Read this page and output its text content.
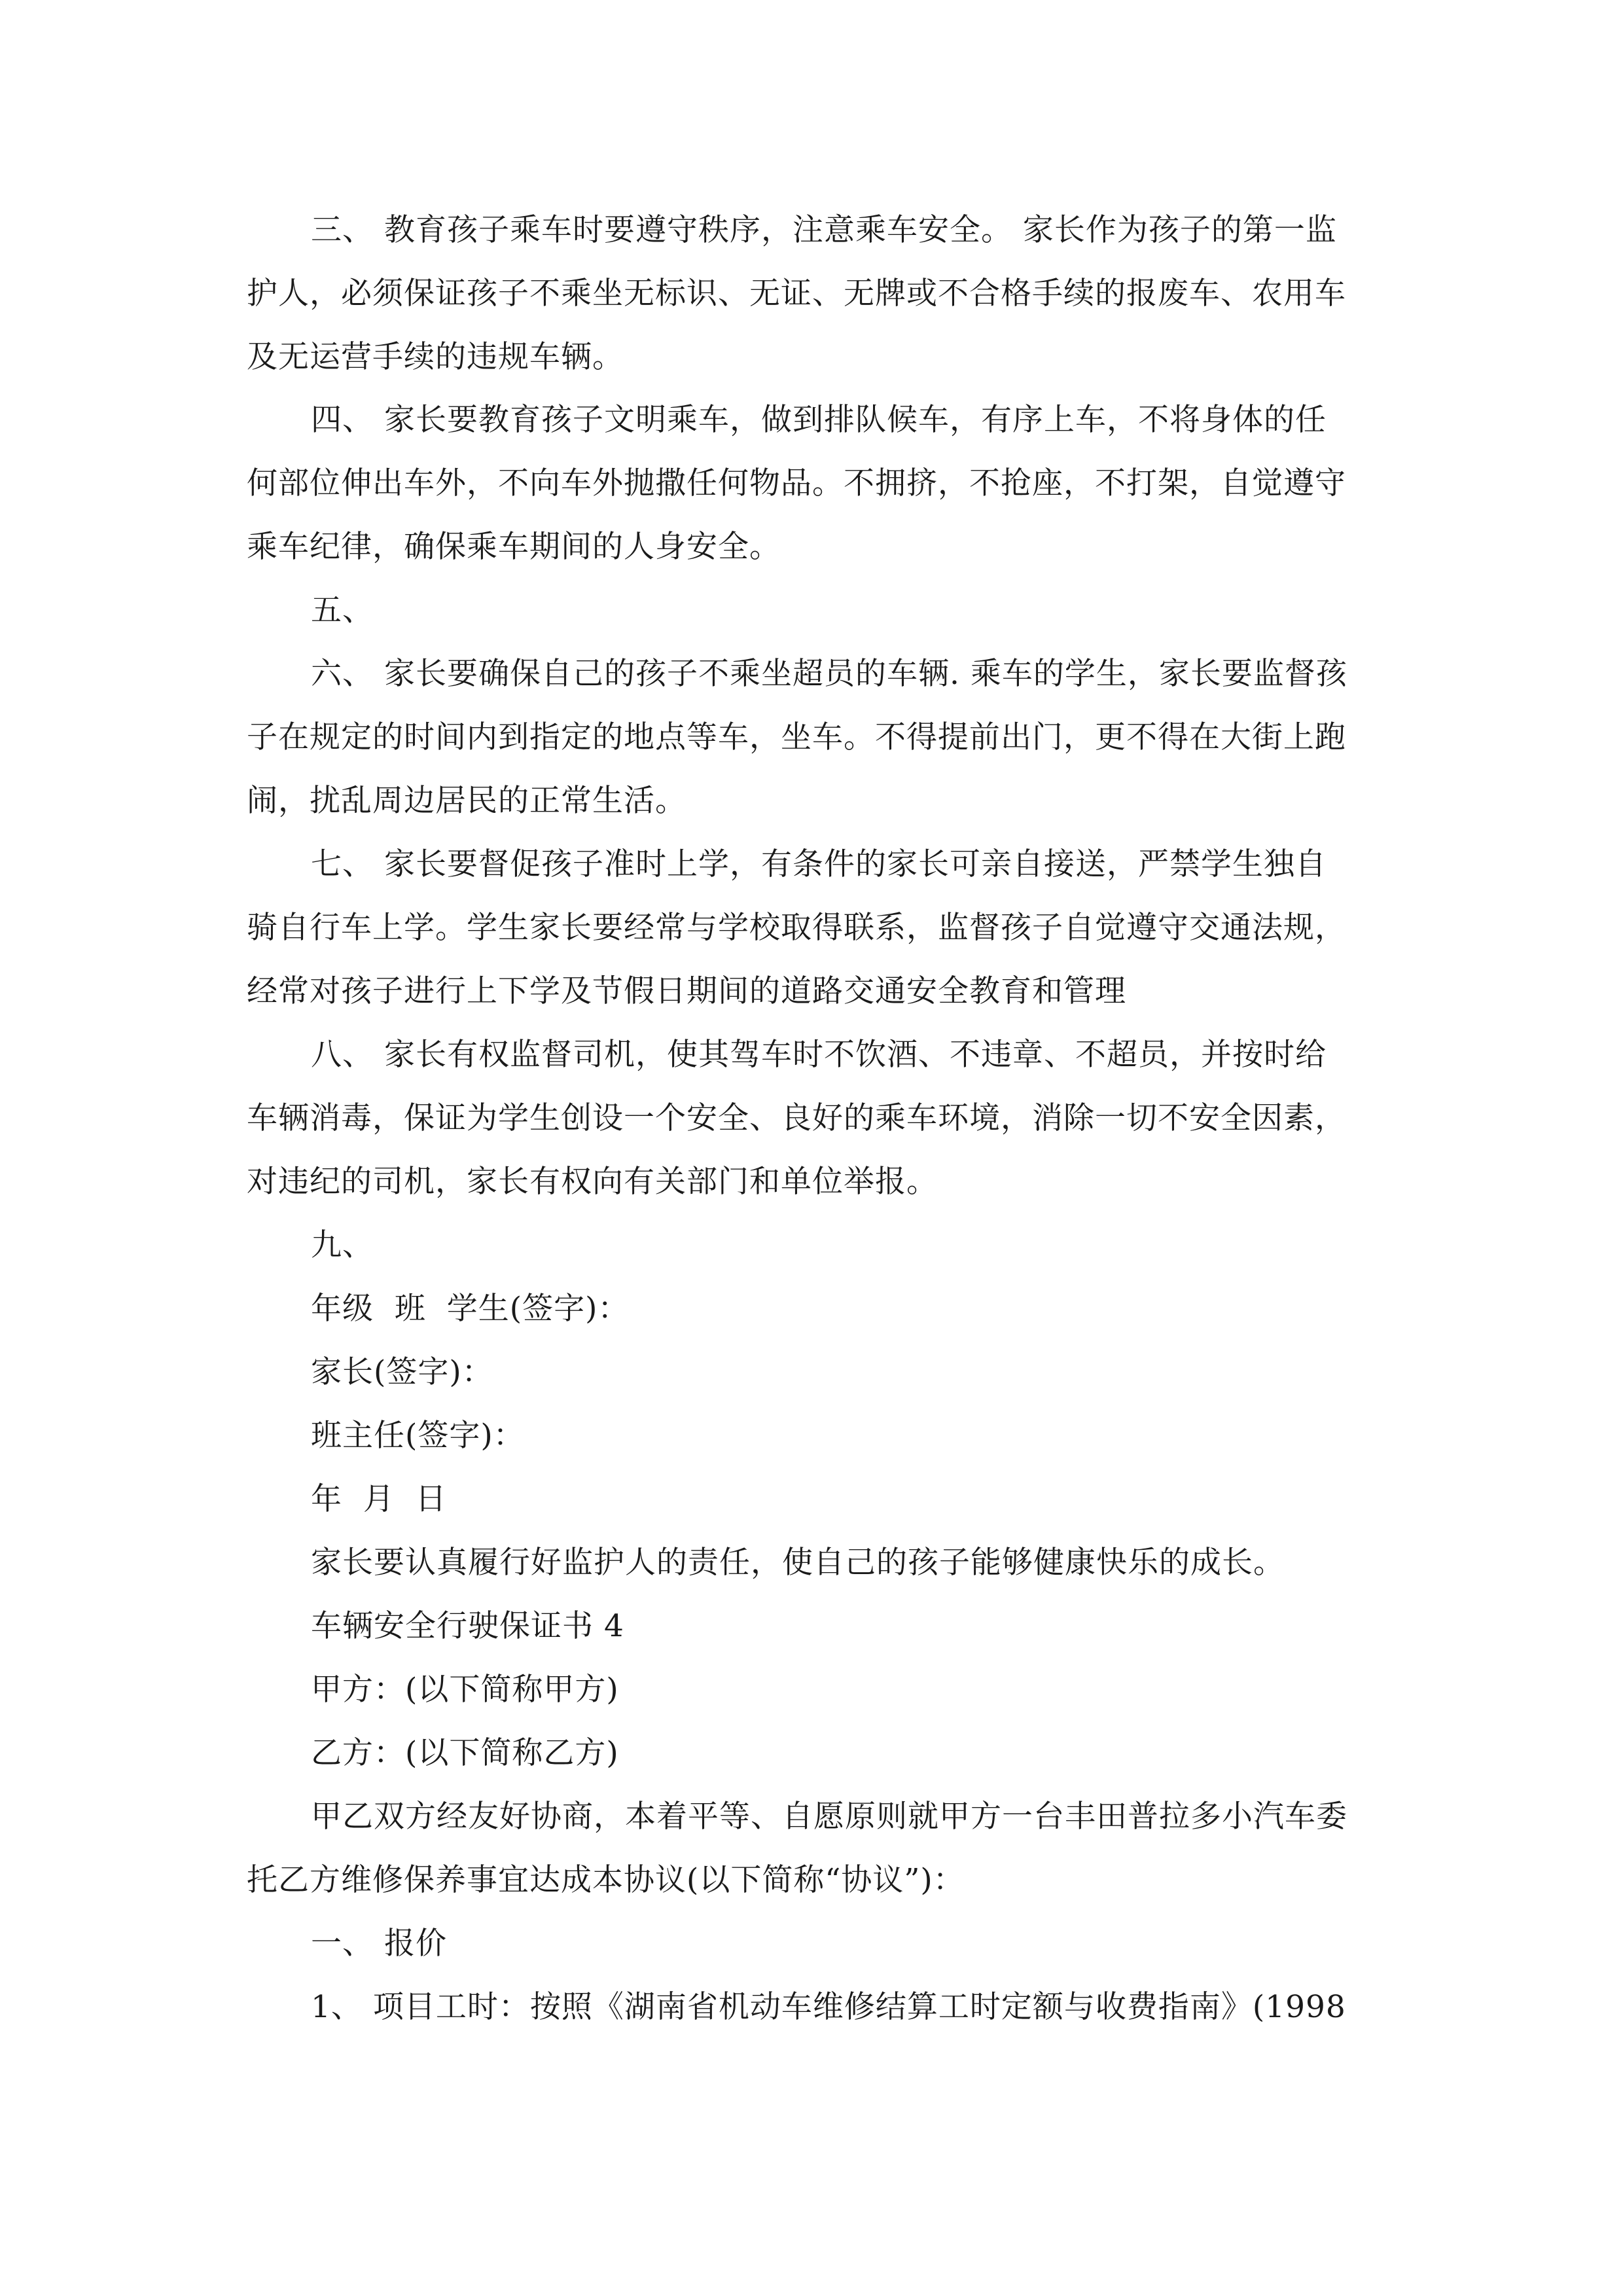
三、 教育孩子乘车时要遵守秩序，注意乘车安全。 家长作为孩子的第一监
护人，必须保证孩子不乘坐无标识、无证、无牌或不合格手续的报废车、农用车
及无运营手续的违规车辆。
四、 家长要教育孩子文明乘车，做到排队候车，有序上车，不将身体的任
何部位伸出车外，不向车外抛撒任何物品。不拥挤，不抢座，不打架，自觉遵守
乘车纪律，确保乘车期间的人身安全。
五、
六、 家长要确保自己的孩子不乘坐超员的车辆. 乘车的学生，家长要监督孩
子在规定的时间内到指定的地点等车，坐车。不得提前出门，更不得在大街上跑
闹，扰乱周边居民的正常生活。
七、 家长要督促孩子准时上学，有条件的家长可亲自接送，严禁学生独自
骑自行车上学。学生家长要经常与学校取得联系，监督孩子自觉遵守交通法规，
经常对孩子进行上下学及节假日期间的道路交通安全教育和管理
八、 家长有权监督司机，使其驾车时不饮酒、不违章、不超员，并按时给
车辆消毒，保证为学生创设一个安全、良好的乘车环境，消除一切不安全因素，
对违纪的司机，家长有权向有关部门和单位举报。
九、
年级  班  学生(签字)：
家长(签字)：
班主任(签字)：
年  月  日
家长要认真履行好监护人的责任，使自己的孩子能够健康快乐的成长。
车辆安全行驶保证书 4
甲方：(以下简称甲方)
乙方：(以下简称乙方)
甲乙双方经友好协商，本着平等、自愿原则就甲方一台丰田普拉多小汽车委
托乙方维修保养事宜达成本协议(以下简称“协议”)：
一、 报价
1、 项目工时：按照《湖南省机动车维修结算工时定额与收费指南》(1998
